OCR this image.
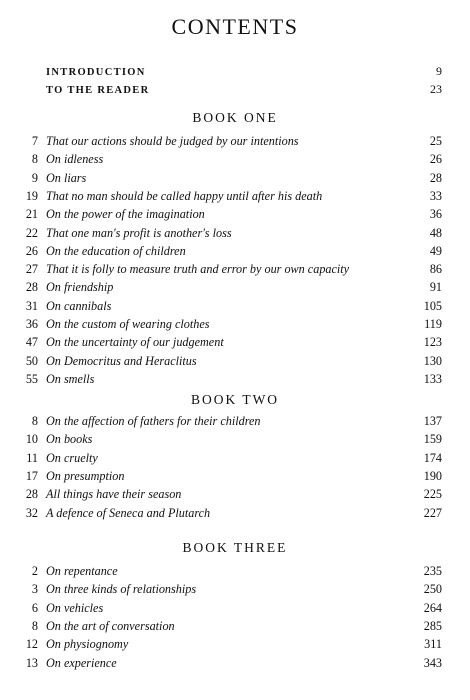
CONTENTS
INTRODUCTION	9
TO THE READER	23
BOOK ONE
7 That our actions should be judged by our intentions	25
8 On idleness	26
9 On liars	28
19 That no man should be called happy until after his death	33
21 On the power of the imagination	36
22 That one man's profit is another's loss	48
26 On the education of children	49
27 That it is folly to measure truth and error by our own capacity	86
28 On friendship	91
31 On cannibals	105
36 On the custom of wearing clothes	119
47 On the uncertainty of our judgement	123
50 On Democritus and Heraclitus	130
55 On smells	133
BOOK TWO
8 On the affection of fathers for their children	137
10 On books	159
11 On cruelty	174
17 On presumption	190
28 All things have their season	225
32 A defence of Seneca and Plutarch	227
BOOK THREE
2 On repentance	235
3 On three kinds of relationships	250
6 On vehicles	264
8 On the art of conversation	285
12 On physiognomy	311
13 On experience	343
